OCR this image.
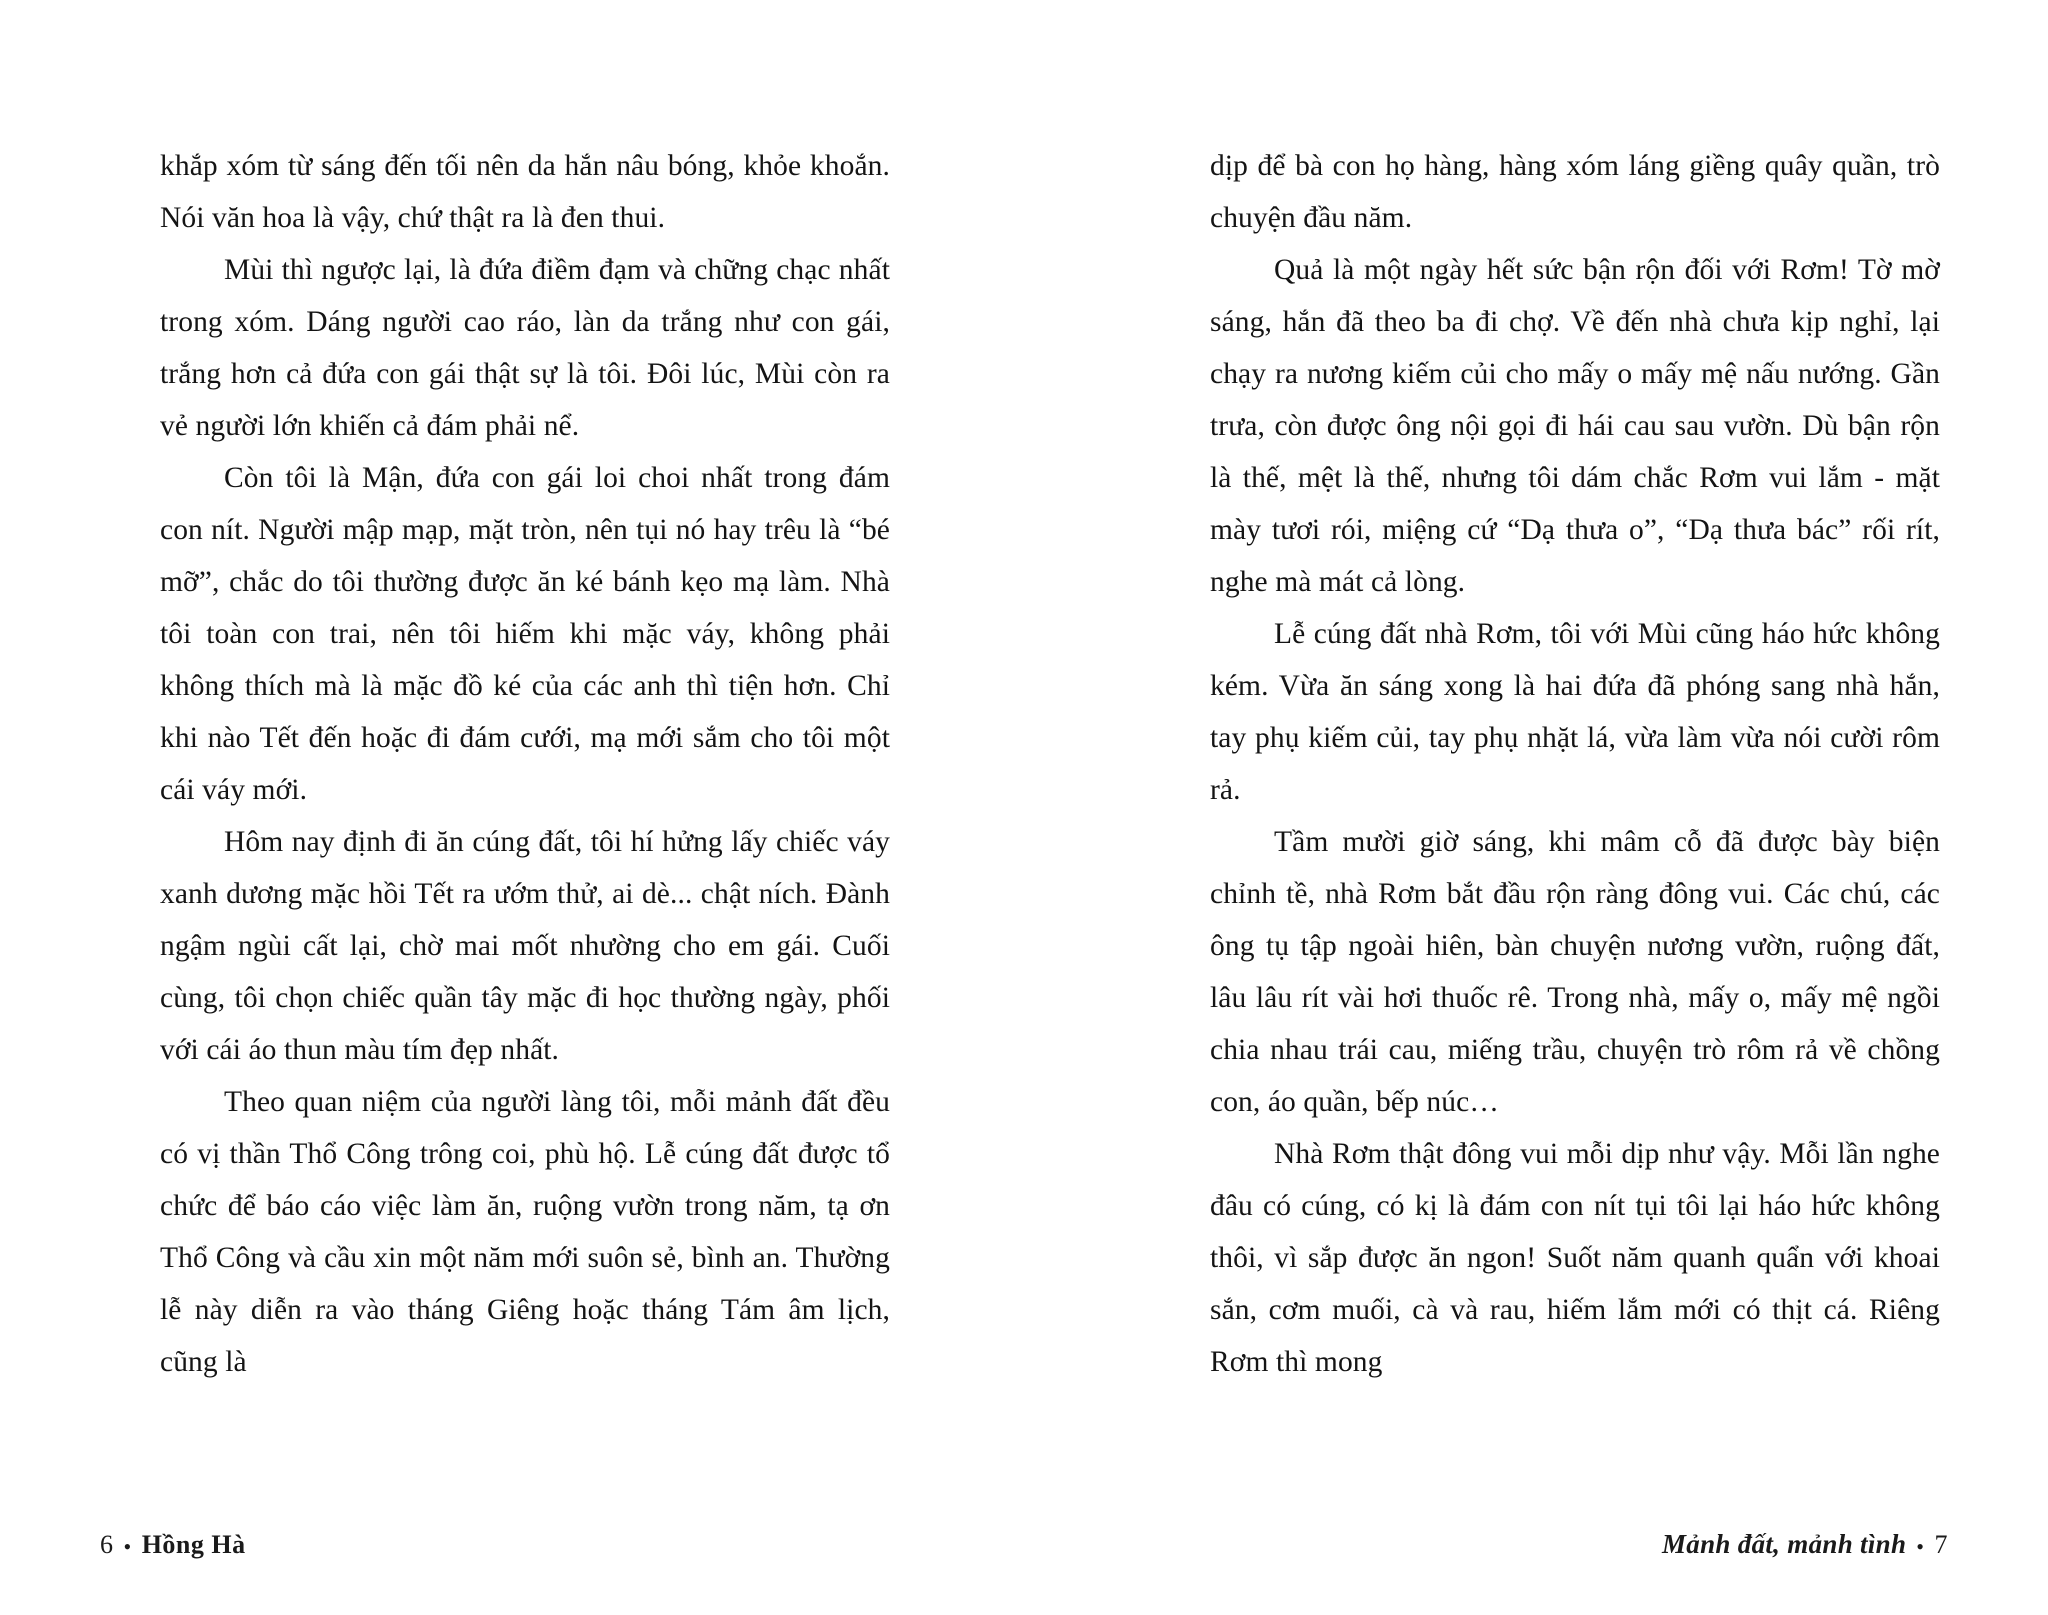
khắp xóm từ sáng đến tối nên da hắn nâu bóng, khỏe khoắn. Nói văn hoa là vậy, chứ thật ra là đen thui.

Mùi thì ngược lại, là đứa điềm đạm và chững chạc nhất trong xóm. Dáng người cao ráo, làn da trắng như con gái, trắng hơn cả đứa con gái thật sự là tôi. Đôi lúc, Mùi còn ra vẻ người lớn khiến cả đám phải nể.

Còn tôi là Mận, đứa con gái loi choi nhất trong đám con nít. Người mập mạp, mặt tròn, nên tụi nó hay trêu là “bé mỡ”, chắc do tôi thường được ăn ké bánh kẹo mạ làm. Nhà tôi toàn con trai, nên tôi hiếm khi mặc váy, không phải không thích mà là mặc đồ ké của các anh thì tiện hơn. Chỉ khi nào Tết đến hoặc đi đám cưới, mạ mới sắm cho tôi một cái váy mới.

Hôm nay định đi ăn cúng đất, tôi hí hửng lấy chiếc váy xanh dương mặc hồi Tết ra ướm thử, ai dè... chật ních. Đành ngậm ngùi cất lại, chờ mai mốt nhường cho em gái. Cuối cùng, tôi chọn chiếc quần tây mặc đi học thường ngày, phối với cái áo thun màu tím đẹp nhất.

Theo quan niệm của người làng tôi, mỗi mảnh đất đều có vị thần Thổ Công trông coi, phù hộ. Lễ cúng đất được tổ chức để báo cáo việc làm ăn, ruộng vườn trong năm, tạ ơn Thổ Công và cầu xin một năm mới suôn sẻ, bình an. Thường lễ này diễn ra vào tháng Giêng hoặc tháng Tám âm lịch, cũng là

dịp để bà con họ hàng, hàng xóm láng giềng quây quần, trò chuyện đầu năm.

Quả là một ngày hết sức bận rộn đối với Rơm! Tờ mờ sáng, hắn đã theo ba đi chợ. Về đến nhà chưa kịp nghỉ, lại chạy ra nương kiếm củi cho mấy o mấy mệ nấu nướng. Gần trưa, còn được ông nội gọi đi hái cau sau vườn. Dù bận rộn là thế, mệt là thế, nhưng tôi dám chắc Rơm vui lắm - mặt mày tươi rói, miệng cứ “Dạ thưa o”, “Dạ thưa bác” rối rít, nghe mà mát cả lòng.

Lễ cúng đất nhà Rơm, tôi với Mùi cũng háo hức không kém. Vừa ăn sáng xong là hai đứa đã phóng sang nhà hắn, tay phụ kiếm củi, tay phụ nhặt lá, vừa làm vừa nói cười rôm rả.

Tầm mười giờ sáng, khi mâm cỗ đã được bày biện chỉnh tề, nhà Rơm bắt đầu rộn ràng đông vui. Các chú, các ông tụ tập ngoài hiên, bàn chuyện nương vườn, ruộng đất, lâu lâu rít vài hơi thuốc rê. Trong nhà, mấy o, mấy mệ ngồi chia nhau trái cau, miếng trầu, chuyện trò rôm rả về chồng con, áo quần, bếp núc…

Nhà Rơm thật đông vui mỗi dịp như vậy. Mỗi lần nghe đâu có cúng, có kị là đám con nít tụi tôi lại háo hức không thôi, vì sắp được ăn ngon! Suốt năm quanh quẩn với khoai sắn, cơm muối, cà và rau, hiếm lắm mới có thịt cá. Riêng Rơm thì mong

6 • Hồng Hà	Mảnh đất, mảnh tình • 7
